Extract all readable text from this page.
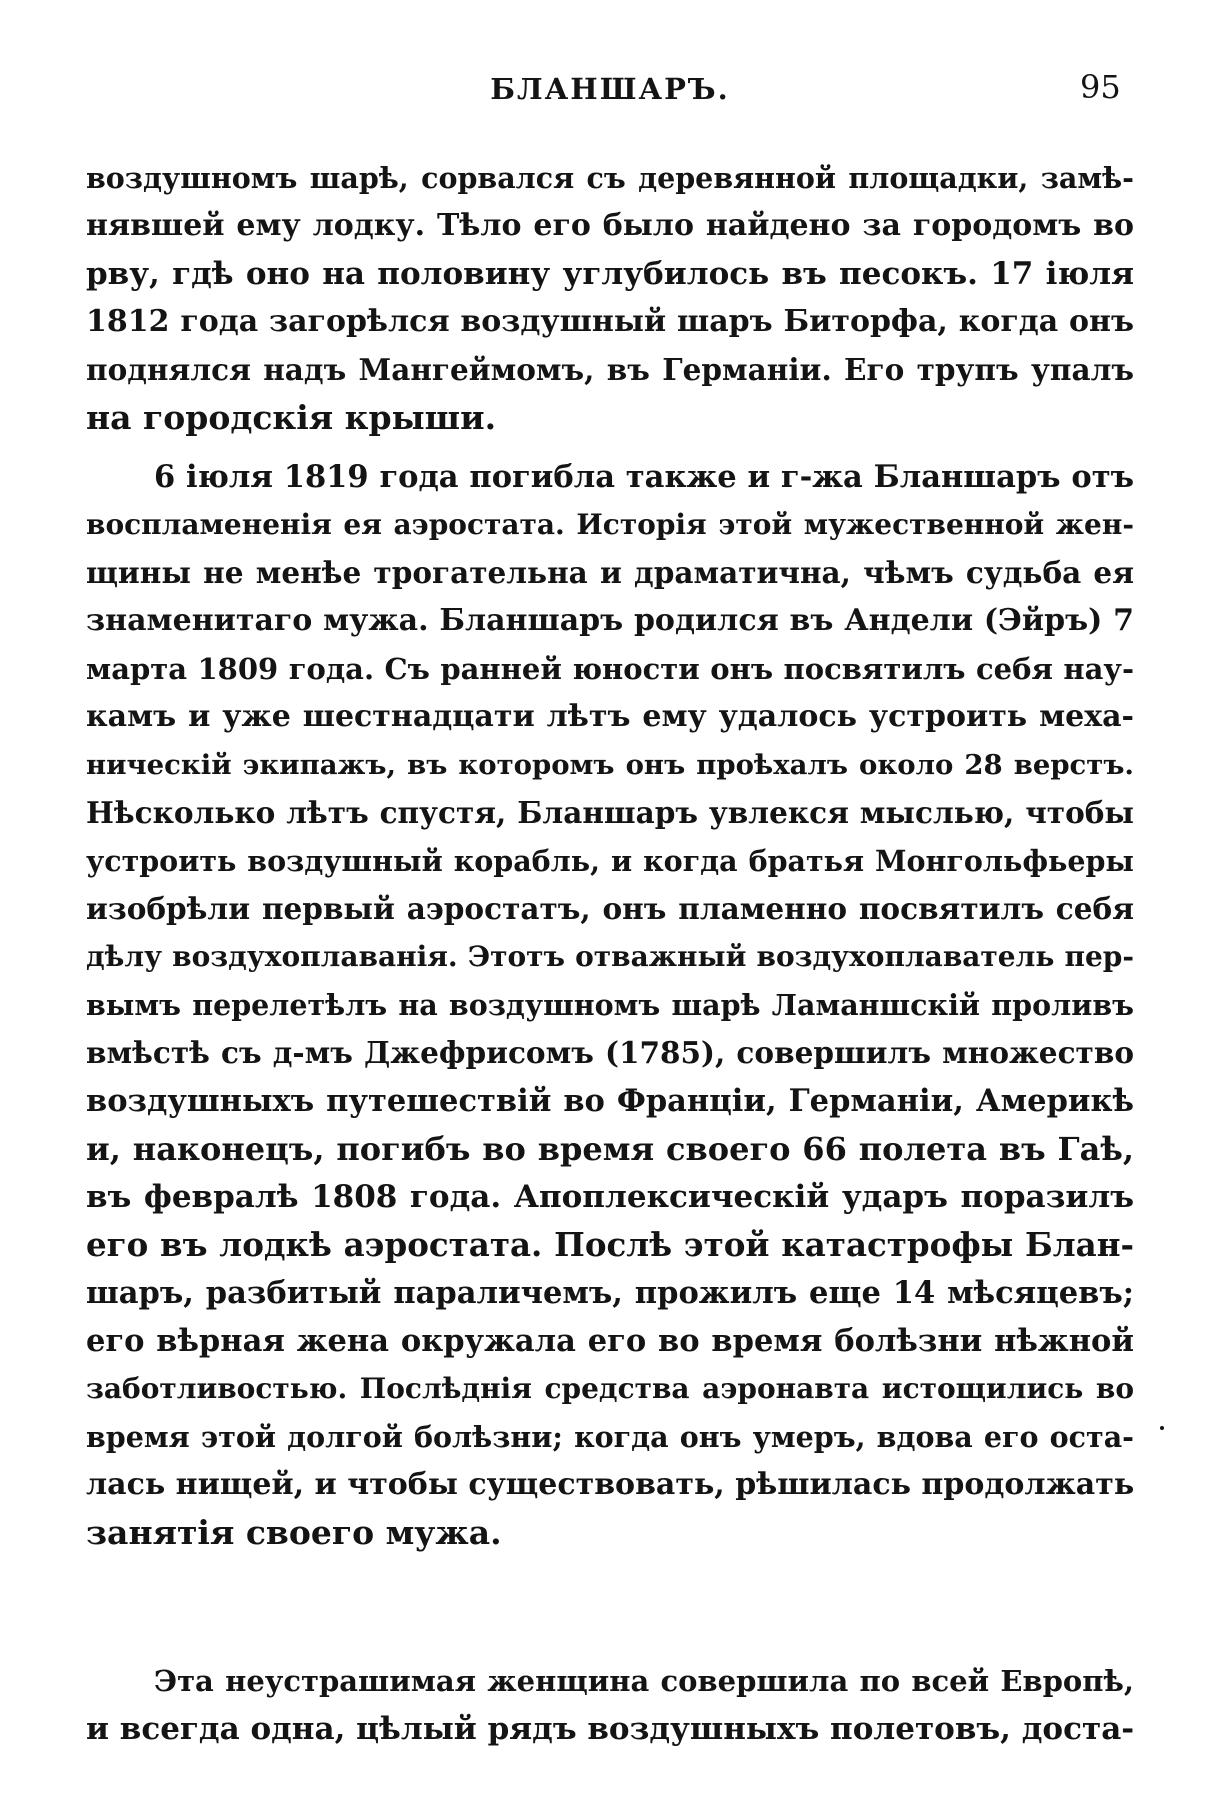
БЛАНШАРЪ.	95
воздушномъ шарѣ, сорвался съ деревянной площадки, замѣ-
нявшей ему лодку. Тѣло его было найдено за городомъ во
рву, гдѣ оно на половину углубилось въ песокъ. 17 іюля
1812 года загорѣлся воздушный шаръ Биторфа, когда онъ
поднялся надъ Мангеймомъ, въ Германіи. Его трупъ упалъ
на городскія крыши.
6 іюля 1819 года погибла также и г-жа Бланшаръ отъ
воспламененія ея аэростата. Исторія этой мужественной жен-
щины не менѣе трогательна и драматична, чѣмъ судьба ея
знаменитаго мужа. Бланшаръ родился въ Андели (Эйръ) 7
марта 1809 года. Съ ранней юности онъ посвятилъ себя нау-
камъ и уже шестнадцати лѣтъ ему удалось устроить меха-
ническій экипажъ, въ которомъ онъ проѣхалъ около 28 верстъ.
Нѣсколько лѣтъ спустя, Бланшаръ увлекся мыслью, чтобы
устроить воздушный корабль, и когда братья Монгольфьеры
изобрѣли первый аэростатъ, онъ пламенно посвятилъ себя
дѣлу воздухоплаванія. Этотъ отважный воздухоплаватель пер-
вымъ перелетѣлъ на воздушномъ шарѣ Ламаншскій проливъ
вмѣстѣ съ д-мъ Джефрисомъ (1785), совершилъ множество
воздушныхъ путешествій во Франціи, Германіи, Америкѣ
и, наконецъ, погибъ во время своего 66 полета въ Гаѣ,
въ февралѣ 1808 года. Апоплексическій ударъ поразилъ
его въ лодкѣ аэростата. Послѣ этой катастрофы Блан-
шаръ, разбитый параличемъ, прожилъ еще 14 мѣсяцевъ;
его вѣрная жена окружала его во время болѣзни нѣжной
заботливостью. Послѣднія средства аэронавта истощились во
время этой долгой болѣзни; когда онъ умеръ, вдова его оста-
лась нищей, и чтобы существовать, рѣшилась продолжать
занятія своего мужа.
Эта неустрашимая женщина совершила по всей Европѣ,
и всегда одна, цѣлый рядъ воздушныхъ полетовъ, доста-
